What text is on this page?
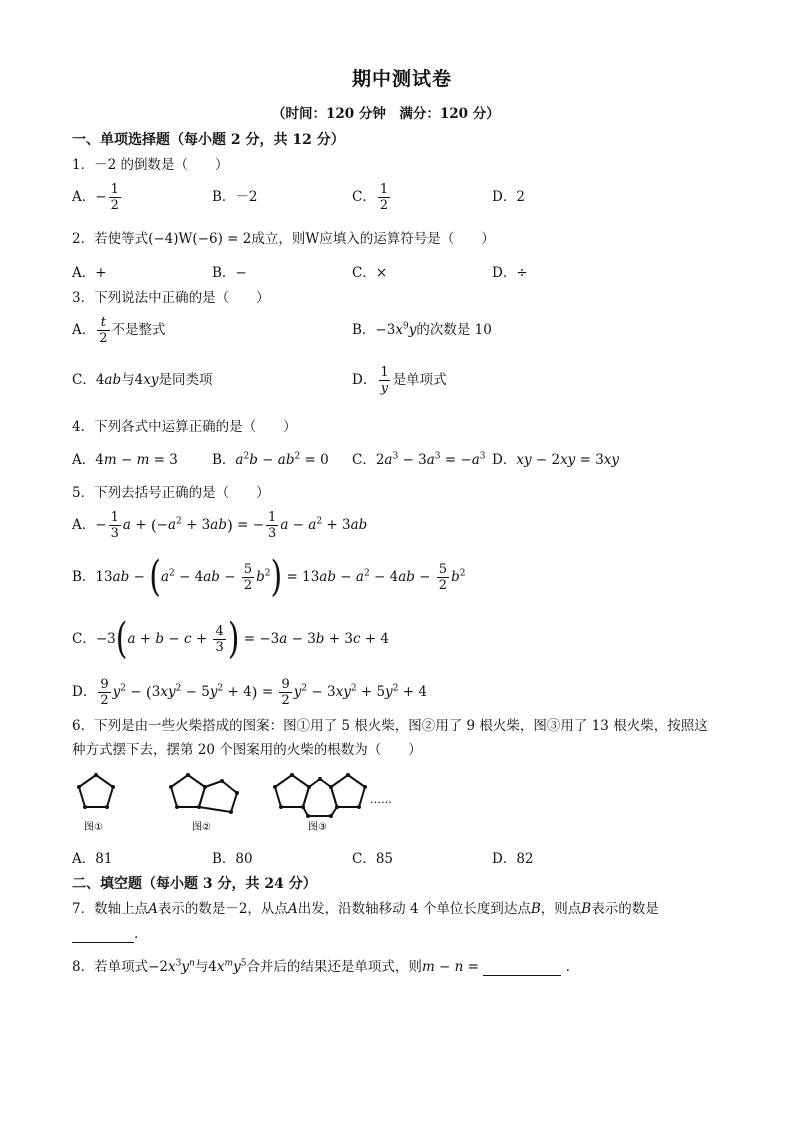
期中测试卷
（时间：120 分钟　满分：120 分）
一、单项选择题（每小题 2 分，共 12 分）
1．－2 的倒数是（　　）
A．− $\frac{1}{2}$	B．－2	C． $\frac{1}{2}$	D．2
2．若使等式(−4)W(−6) = 2成立，则W应填入的运算符号是（　　）
A．+	B．−	C．×	D．÷
3．下列说法中正确的是（　　）
A． $\frac{t}{2}$ 不是整式	B．$-3x^9y$的次数是 10
C．4ab与4xy是同类项	D． $\frac{1}{y}$ 是单项式
4．下列各式中运算正确的是（　　）
A．4m − m = 3	B．$a^2b - ab^2 = 0$ C．$2a^3 - 3a^3 = -a^3$ D．xy − 2xy = 3xy
5．下列去括号正确的是（　　）
A．− $\frac{1}{3}$ $a + (-a^2 + 3ab)$ = − $\frac{1}{3}$ $a - a^2 + 3ab$
B．$13ab - (a^2 - 4ab - \frac{5}{2} b^2) = 13ab - a^2 - 4ab - \frac{5}{2} b^2$
C．$-3(a + b - c + \frac{4}{3}$ ) = −3a − 3b + 3c + 4
D． $\frac{9}{2} y^2 - (3xy^2 - 5y^2 + 4) = \frac{9}{2} y^2 - 3xy^2 + 5y^2 + 4$
6．下列是由一些火柴搭成的图案：图①用了 5 根火柴，图②用了 9 根火柴，图③用了 13 根火柴，按照这
种方式摆下去，摆第 20 个图案用的火柴的根数为（　　）
……
图①	图②	图③
A．81	B．80	C．85	D．82
二、填空题（每小题 3 分，共 24 分）
7．数轴上点A表示的数是－2，从点A出发，沿数轴移动 4 个单位长度到达点B，则点B表示的数是
.
8．若单项式$-2x^3y^n$与$4x^my^5$合并后的结果还是单项式，则m − n =	.
